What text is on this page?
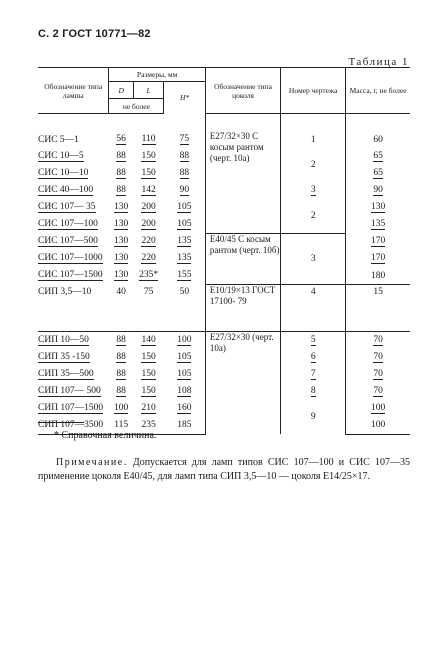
С. 2 ГОСТ 10771—82
Таблица 1
Обозначение типа лампы	Размеры, мм			Обозначение типа цоколя	Номер чертежа	Масса, г, не более
	D	L	H*			
	не более					

СИС 5—1	56	110	75	Е27/32×30 С косым рантом (черт. 10а)	1	60
СИС 10—5	88	150	88		2	65
СИС 10—10	88	150	88			65
СИС 40—100	88	142	90		3	90
СИС 107— 35	130	200	105		2	130
СИС 107—100	130	200	105			135
СИС 107—500	130	220	135	Е40/45 С косым рантом (черт. 10б)	3	170
СИС 107—1000	130	220	135			170
СИС 107—1500	130	235*	155			180
СИП 3,5—10	40	75	50	Е10/19×13 ГОСТ 17100- 79	4	15
СИП 10—50	88	140	100	Е27/32×30 (черт. 10а)	5	70
СИП 35 -150	88	150	105		6	70
СИП 35—500	88	150	105		7	70
СИП 107— 500	88	150	108		8	70
СИП 107—1500	100	210	160		9	100
СИП 107—3500	115	235	185			100
* Справочная величина.
Примечание. Допускается для ламп типов СИС 107—100 и СИС 107—35 применение цоколя Е40/45, для ламп типа СИП 3,5—10 — цоколя Е14/25×17.
